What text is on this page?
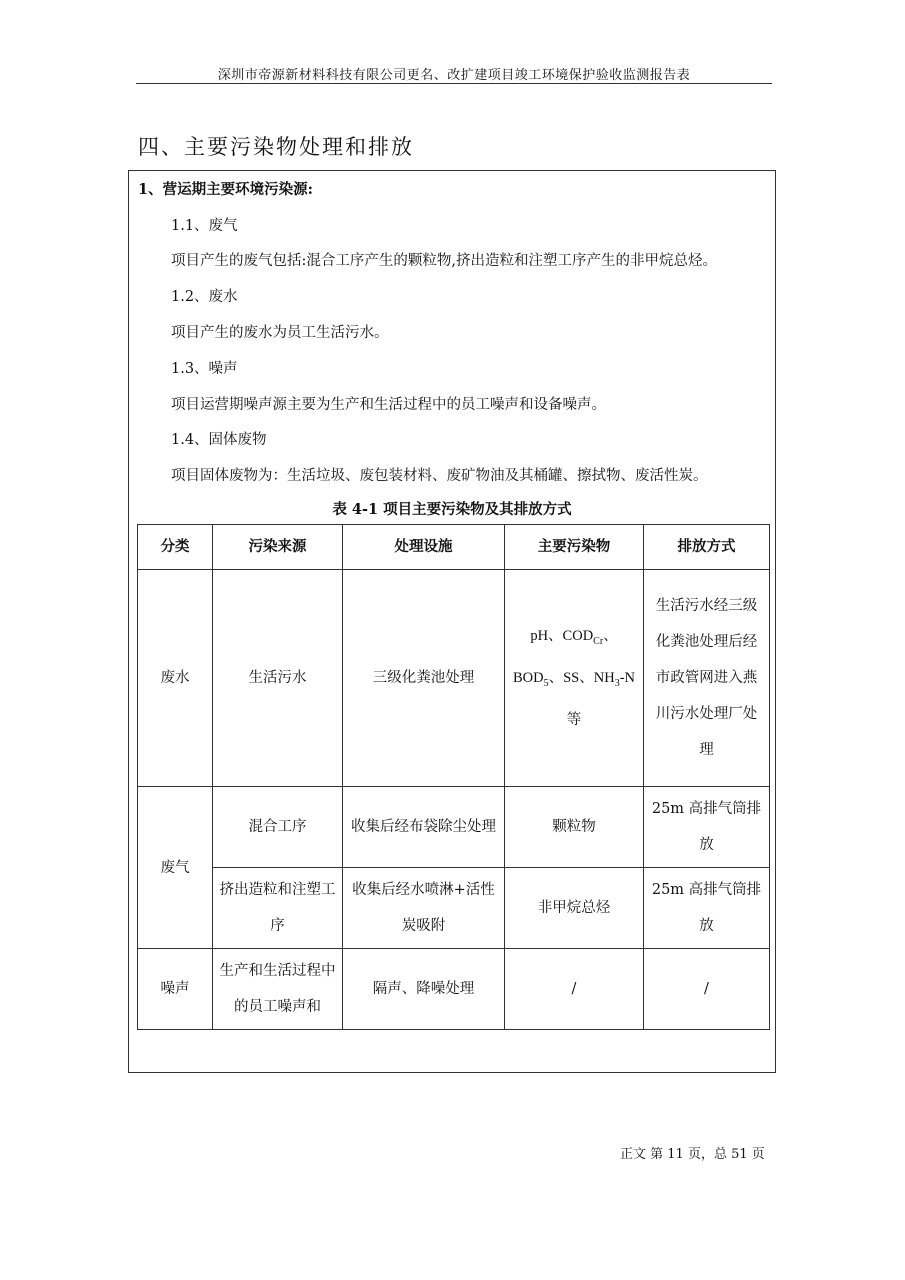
深圳市帝源新材料科技有限公司更名、改扩建项目竣工环境保护验收监测报告表
四、主要污染物处理和排放
1、营运期主要环境污染源:
1.1、废气
项目产生的废气包括:混合工序产生的颗粒物,挤出造粒和注塑工序产生的非甲烷总烃。
1.2、废水
项目产生的废水为员工生活污水。
1.3、噪声
项目运营期噪声源主要为生产和生活过程中的员工噪声和设备噪声。
1.4、固体废物
项目固体废物为：生活垃圾、废包装材料、废矿物油及其桶罐、擦拭物、废活性炭。
表 4-1 项目主要污染物及其排放方式
分类	污染来源	处理设施	主要污染物	排放方式
废水	生活污水	三级化粪池处理	pH、$COD_{Cr}$、
$BOD_5$、SS、$NH_3-N$
等	生活污水经三级化粪池处理后经市政管网进入燕川污水处理厂处理
废气	混合工序	收集后经布袋除尘处理	颗粒物	25m 高排气筒排放
	挤出造粒和注塑工序	收集后经水喷淋+活性炭吸附	非甲烷总烃	25m 高排气筒排放
噪声	生产和生活过程中的员工噪声和	隔声、降噪处理	/	/
正文 第 11 页，总 51 页
